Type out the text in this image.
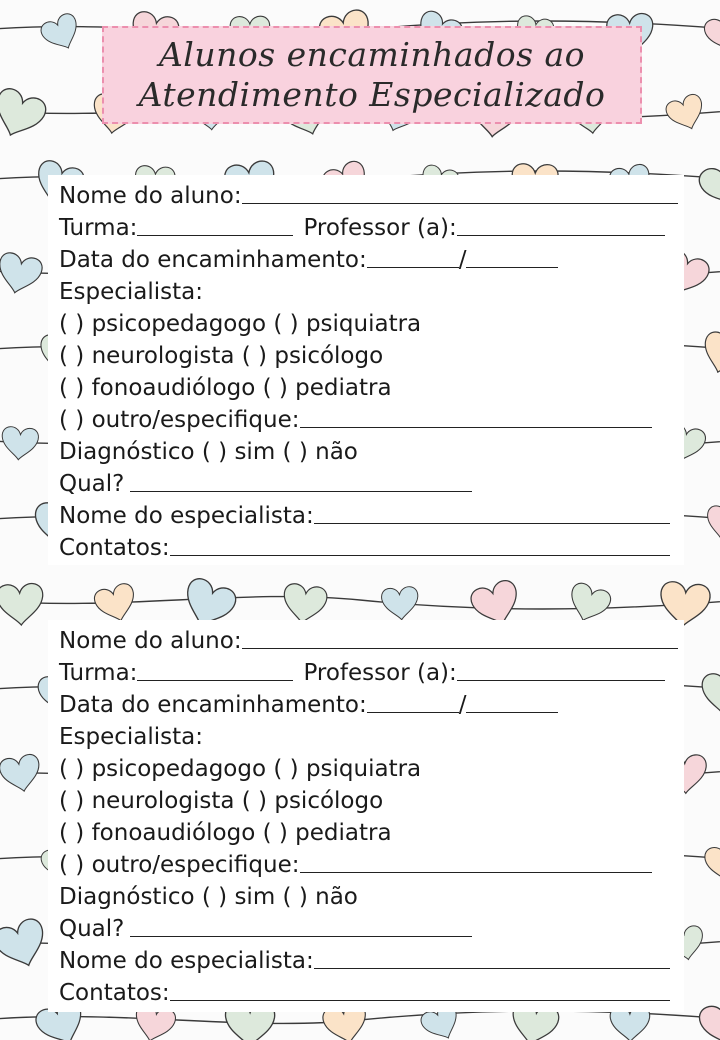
Alunos encaminhados ao
Atendimento Especializado
Nome do aluno:
Turma:	Professor (a):
Data do encaminhamento:	/
Especialista:
( )
psicopedagogo
( )
psiquiatra
( )
neurologista
( )
psicólogo
( )
fonoaudiólogo
( )
pediatra
( )
outro/especifique:
Diagnóstico
( )
sim
( )
não
Qual?
Nome do especialista:
Contatos:
Nome do aluno:
Turma:	Professor (a):
Data do encaminhamento:	/
Especialista:
( )
psicopedagogo
( )
psiquiatra
( )
neurologista
( )
psicólogo
( )
fonoaudiólogo
( )
pediatra
( )
outro/especifique:
Diagnóstico
( )
sim
( )
não
Qual?
Nome do especialista:
Contatos:
